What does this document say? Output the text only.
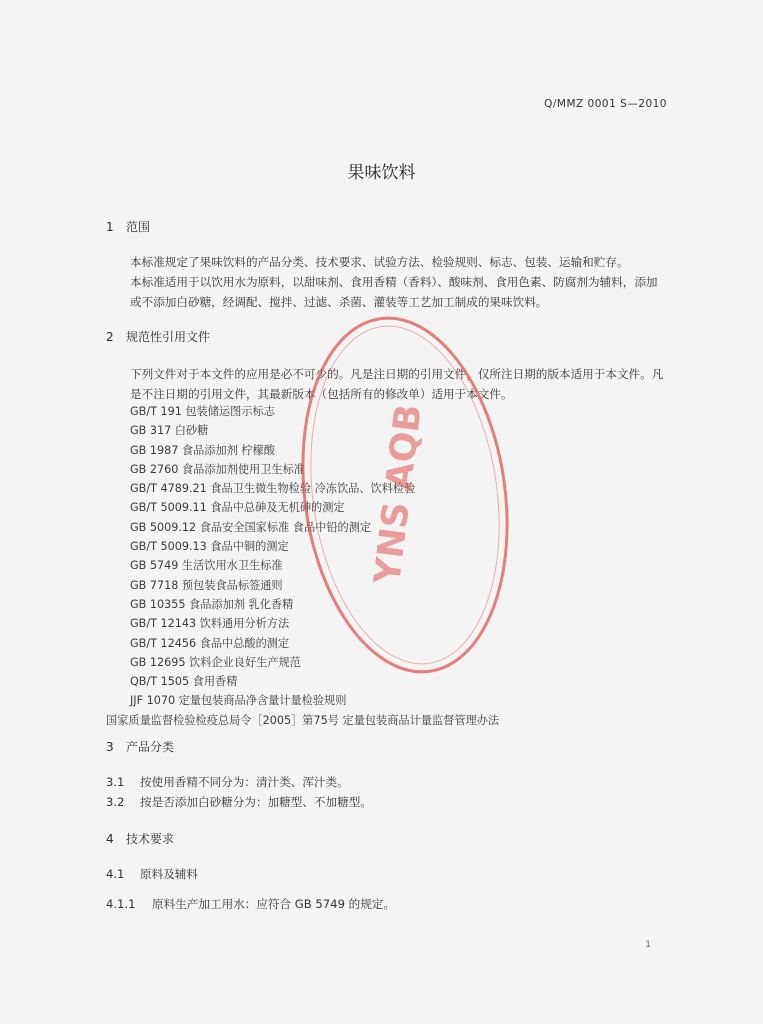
Q/MMZ 0001 S—2010
果味饮料
1 范围
本标准规定了果味饮料的产品分类、技术要求、试验方法、检验规则、标志、包装、运输和贮存。
本标准适用于以饮用水为原料，以甜味剂、食用香精（香料）、酸味剂、食用色素、防腐剂为辅料，添加或不添加白砂糖，经调配、搅拌、过滤、杀菌、灌装等工艺加工制成的果味饮料。
2 规范性引用文件
下列文件对于本文件的应用是必不可少的。凡是注日期的引用文件，仅所注日期的版本适用于本文件。凡是不注日期的引用文件，其最新版本（包括所有的修改单）适用于本文件。
GB/T 191 包装储运图示标志
GB 317 白砂糖
GB 1987 食品添加剂 柠檬酸
GB 2760 食品添加剂使用卫生标准
GB/T 4789.21 食品卫生微生物检验 冷冻饮品、饮料检验
GB/T 5009.11 食品中总砷及无机砷的测定
GB 5009.12 食品安全国家标准 食品中铅的测定
GB/T 5009.13 食品中铜的测定
GB 5749 生活饮用水卫生标准
GB 7718 预包装食品标签通则
GB 10355 食品添加剂 乳化香精
GB/T 12143 饮料通用分析方法
GB/T 12456 食品中总酸的测定
GB 12695 饮料企业良好生产规范
QB/T 1505 食用香精
JJF 1070 定量包装商品净含量计量检验规则
国家质量监督检验检疫总局令［2005］第75号 定量包装商品计量监督管理办法
3 产品分类
3.1 按使用香精不同分为：清汁类、浑汁类。
3.2 按是否添加白砂糖分为：加糖型、不加糖型。
4 技术要求
4.1 原料及辅料
4.1.1 原料生产加工用水：应符合 GB 5749 的规定。
YNS AQB
1
